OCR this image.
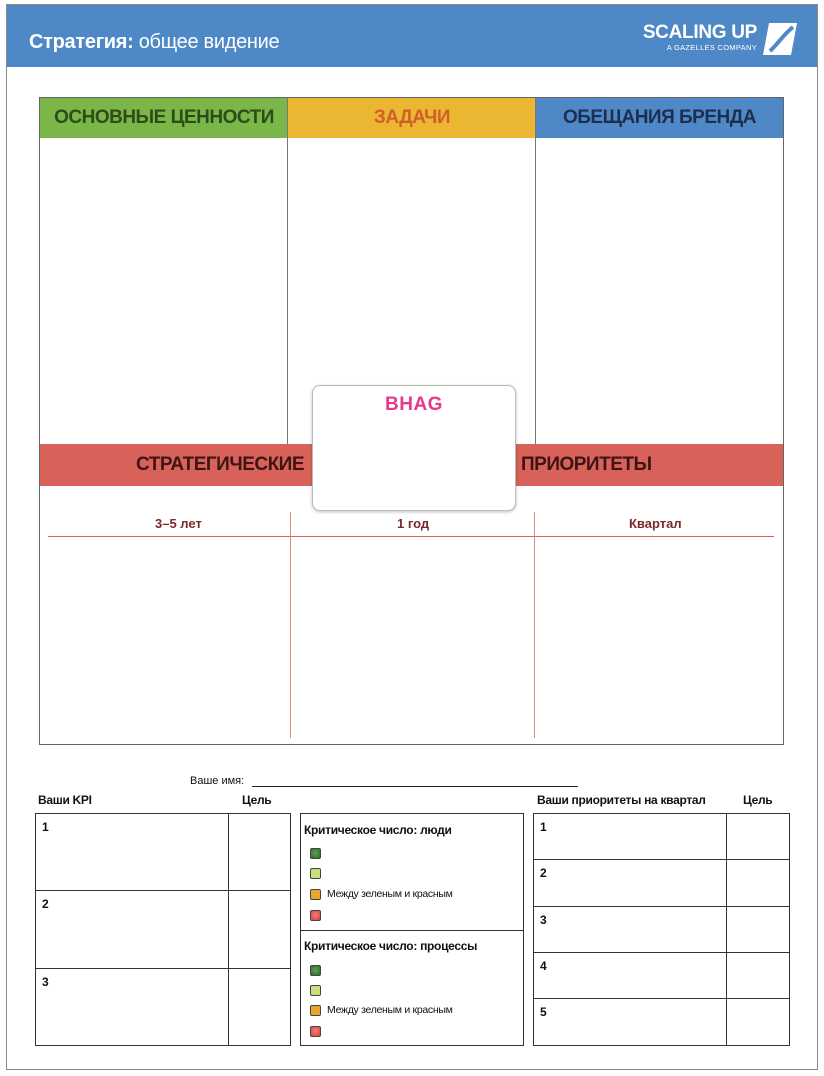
Стратегия: общее видение	SCALING UP
A GAZELLES COMPANY
ОСНОВНЫЕ ЦЕННОСТИ	ЗАДАЧИ	ОБЕЩАНИЯ БРЕНДА
СТРАТЕГИЧЕСКИЕ	ПРИОРИТЕТЫ
BHAG
3–5 лет	1 год	Квартал
Ваше имя:
Ваши KPI	Цель	Ваши приоритеты на квартал	Цель
1
2
3
Критическое число: люди
Между зеленым и красным
Критическое число: процессы
Между зеленым и красным
1
2
3
4
5
